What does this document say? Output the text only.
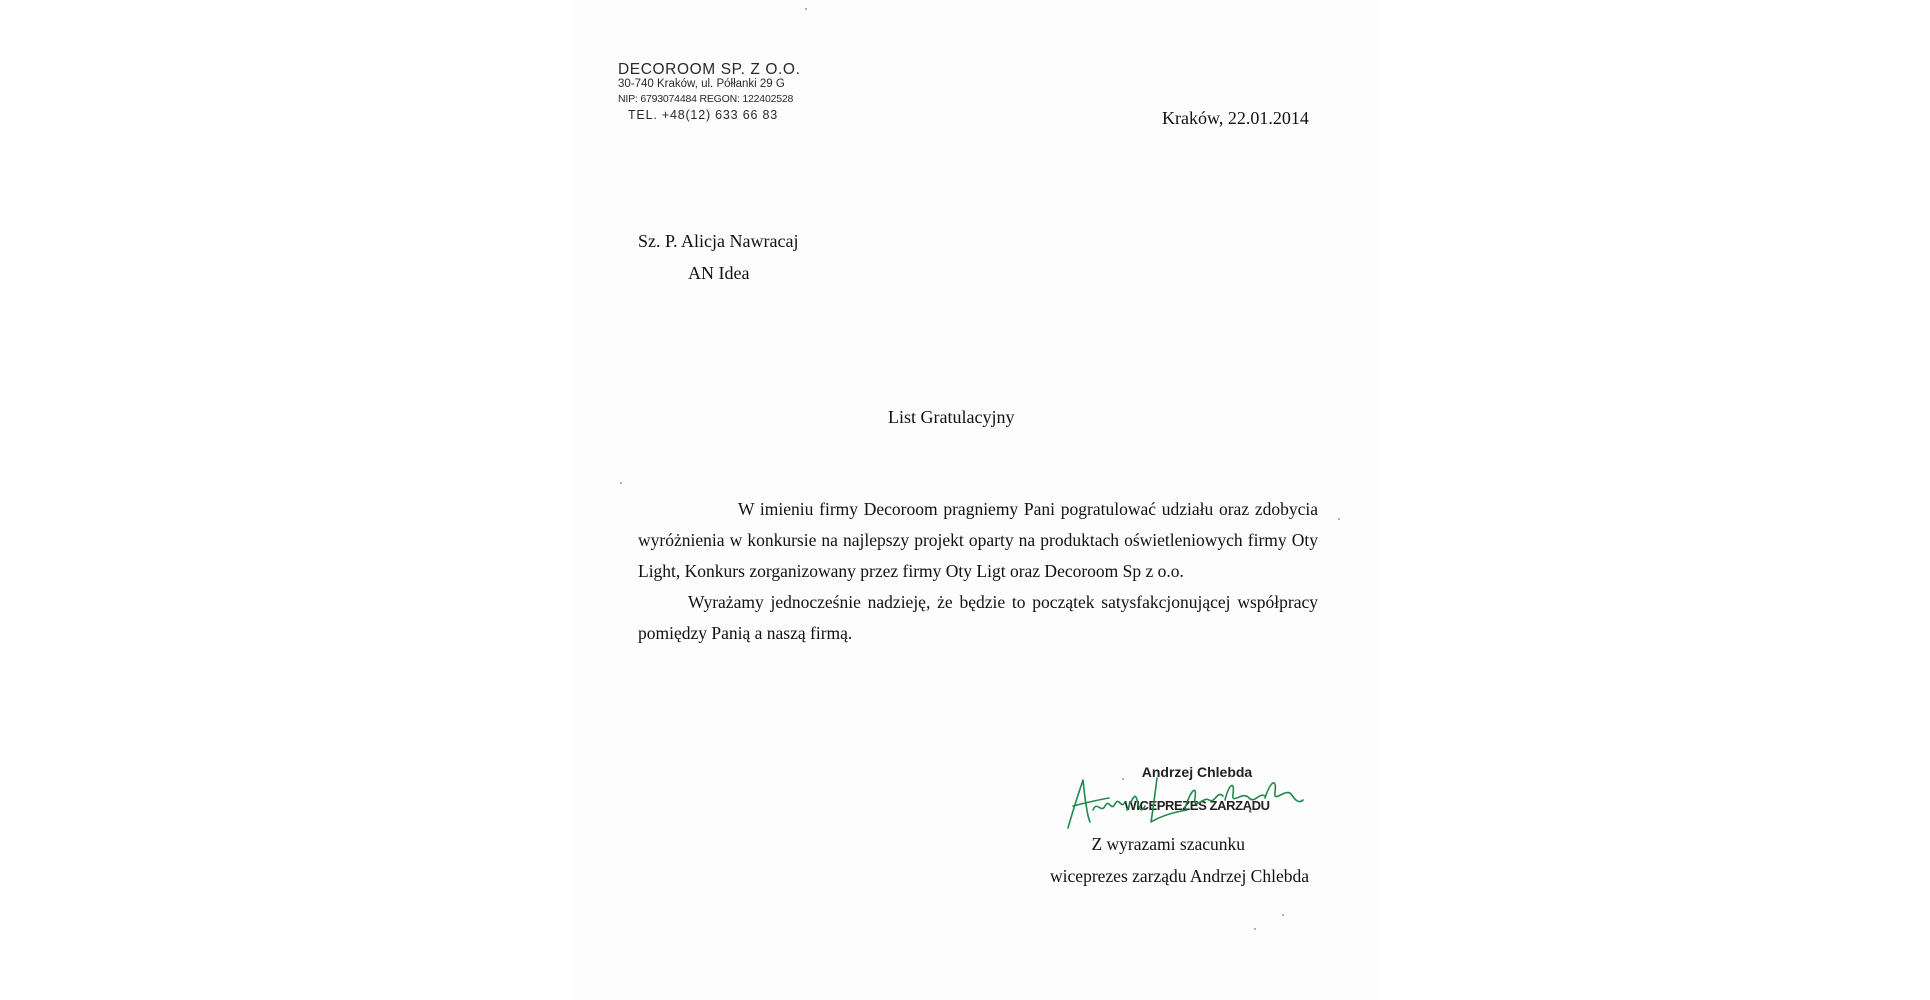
DECOROOM SP. Z O.O.
30-740 Kraków, ul. Półłanki 29 G
NIP: 6793074484 REGON: 122402528
TEL. +48(12) 633 66 83	Kraków, 22.01.2014
Sz. P. Alicja Nawracaj
AN Idea
List Gratulacyjny

W imieniu firmy Decoroom pragniemy Pani pogratulować udziału oraz zdobycia wyróżnienia w konkursie na najlepszy projekt oparty na produktach oświetleniowych firmy Oty Light, Konkurs zorganizowany przez firmy Oty Ligt oraz Decoroom Sp z o.o.

Wyrażamy jednocześnie nadzieję, że będzie to początek satysfakcjonującej współpracy pomiędzy Panią a naszą firmą.

Andrzej Chlebda
WICEPREZES ZARZĄDU
Z wyrazami szacunku
wiceprezes zarządu Andrzej Chlebda
